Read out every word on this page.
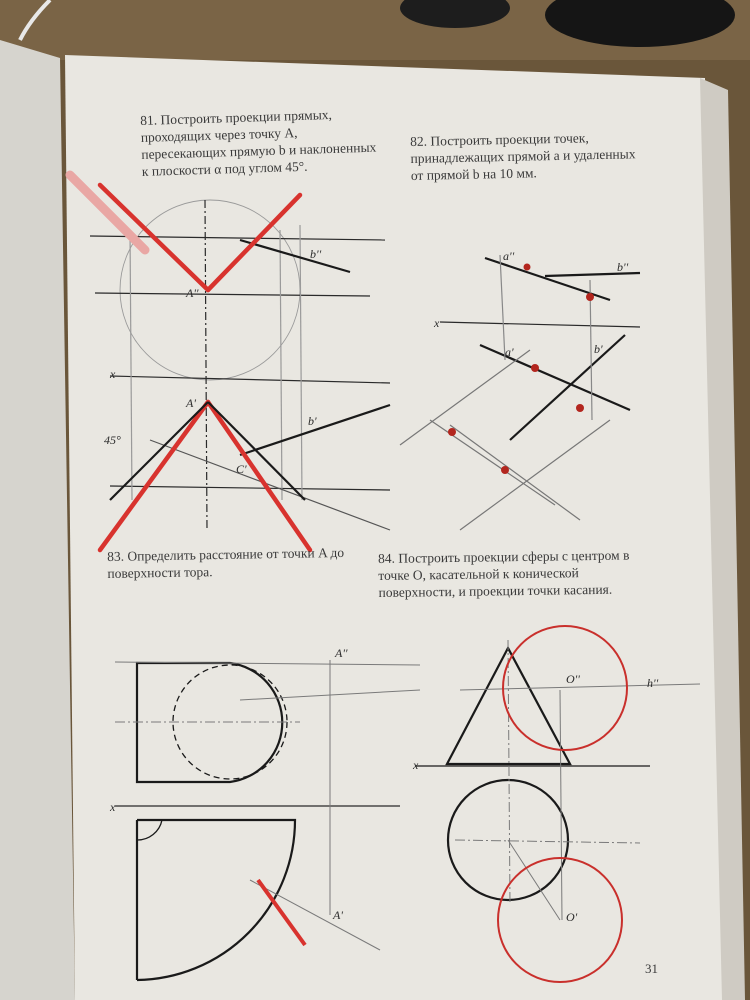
81. Построить проекции прямых, проходящих через точку A, пересекающих прямую b и наклоненных к плоскости α под углом 45°.
82. Построить проекции точек, принадлежащих прямой a и удаленных от прямой b на 10 мм.
83. Определить расстояние от точки A до поверхности тора.
84. Построить проекции сферы с центром в точке O, касательной к конической поверхности, и проекции точки касания.
31
A''
A'
b''
b'
C'
x
45°
a'
a''
b''
b'
x
A''
A'
x
O''
O'
x
h''
